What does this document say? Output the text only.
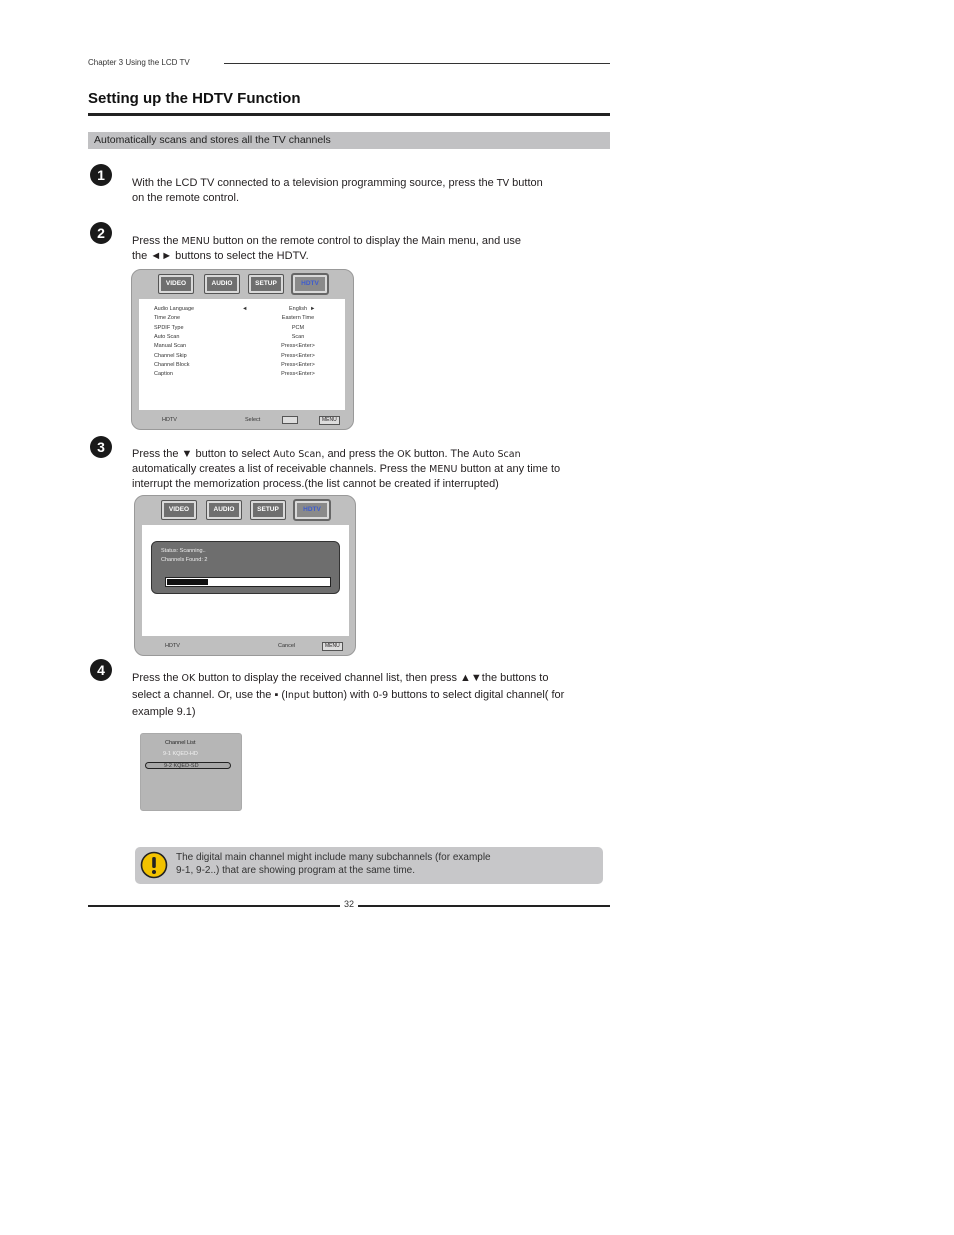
Chapter 3 Using the LCD TV
Setting up the HDTV Function
Automatically scans and stores all the TV channels
1	With the LCD TV connected to a television programming source, press the TV button
on the remote control.
2	Press the MENU button on the remote control to display the Main menu, and use
the ◄► buttons to select the HDTV.
VIDEO	AUDIO	SETUP	HDTV
Audio Language	English
◄	►
Time Zone	Eastern Time
SPDIF Type	PCM
Auto Scan	Scan
Manual Scan	Press<Enter>
Channel Skip	Press<Enter>
Channel Block	Press<Enter>
Caption	Press<Enter>
HDTV	Select	MENU
3	Press the ▼ button to select Auto Scan, and press the OK button. The Auto Scan
automatically creates a list of receivable channels. Press the MENU button at any time to
interrupt the memorization process.(the list cannot be created if interrupted)
VIDEO	AUDIO	SETUP	HDTV
Status: Scanning..
Channels Found: 2
HDTV	Cancel	MENU
4	Press the OK button to display the received channel list, then press ▲▼the buttons to
select a channel. Or, use the ▪ (Input button) with 0-9 buttons to select digital channel( for
example 9.1)
Channel List
9-1 KQED-HD
9-2 KQED-SD
The digital main channel might include many subchannels (for example
9-1, 9-2..) that are showing program at the same time.
32
